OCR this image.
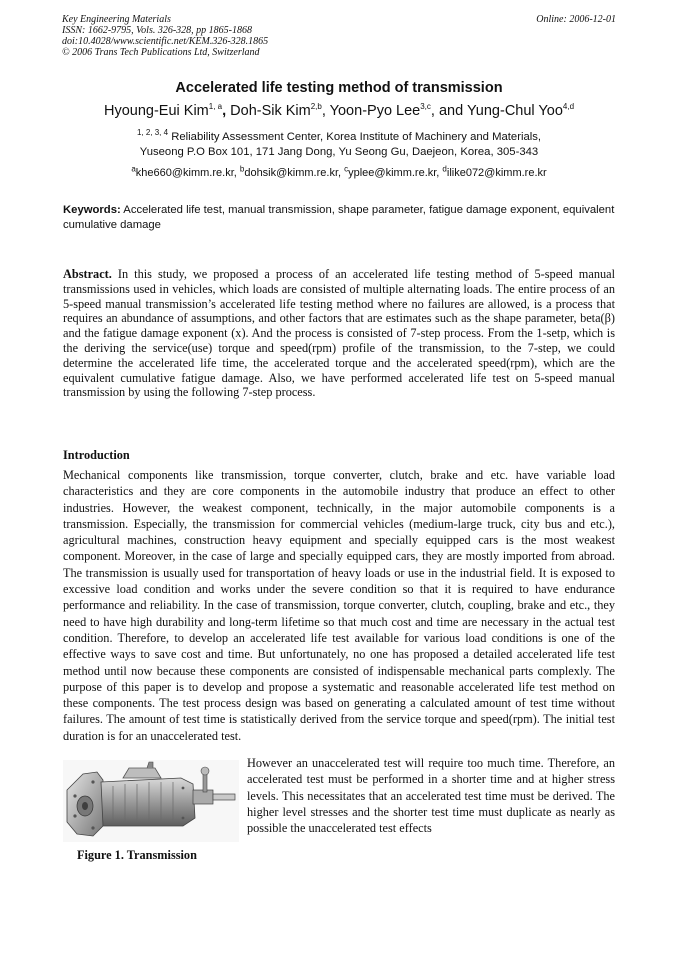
Key Engineering Materials
ISSN: 1662-9795, Vols. 326-328, pp 1865-1868
doi:10.4028/www.scientific.net/KEM.326-328.1865
© 2006 Trans Tech Publications Ltd, Switzerland
Online: 2006-12-01
Accelerated life testing method of transmission
Hyoung-Eui Kim$^{1, a}$, Doh-Sik Kim$^{2,b}$, Yoon-Pyo Lee$^{3,c}$, and Yung-Chul Yoo$^{4,d}$
$^{1, 2, 3, 4}$ Reliability Assessment Center, Korea Institute of Machinery and Materials,
Yuseong P.O Box 101, 171 Jang Dong, Yu Seong Gu, Daejeon, Korea, 305-343
$^a$khe660@kimm.re.kr, $^b$dohsik@kimm.re.kr, $^c$yplee@kimm.re.kr, $^d$ilike072@kimm.re.kr
Keywords: Accelerated life test, manual transmission, shape parameter, fatigue damage exponent, equivalent cumulative damage
Abstract. In this study, we proposed a process of an accelerated life testing method of 5-speed manual transmissions used in vehicles, which loads are consisted of multiple alternating loads. The entire process of an 5-speed manual transmission’s accelerated life testing method where no failures are allowed, is a process that requires an abundance of assumptions, and other factors that are estimates such as the shape parameter, beta(β) and the fatigue damage exponent (x). And the process is consisted of 7-step process. From the 1-setp, which is the deriving the service(use) torque and speed(rpm) profile of the transmission, to the 7-step, we could determine the accelerated life time, the accelerated torque and the accelerated speed(rpm), which are the equivalent cumulative fatigue damage. Also, we have performed accelerated life test on 5-speed manual transmission by using the following 7-step process.
Introduction
Mechanical components like transmission, torque converter, clutch, brake and etc. have variable load characteristics and they are core components in the automobile industry that produce an effect to other industries. However, the weakest component, technically, in the major automobile components is a transmission. Especially, the transmission for commercial vehicles (medium-large truck, city bus and etc.), agricultural machines, construction heavy equipment and specially equipped cars is the most weakest component. Moreover, in the case of large and specially equipped cars, they are mostly imported from abroad. The transmission is usually used for transportation of heavy loads or use in the industrial field. It is exposed to excessive load condition and works under the severe condition so that it is required to have endurance performance and reliability. In the case of transmission, torque converter, clutch, coupling, brake and etc., they need to have high durability and long-term lifetime so that much cost and time are necessary in the actual test condition. Therefore, to develop an accelerated life test available for various load conditions is one of the effective ways to save cost and time. But unfortunately, no one has proposed a detailed accelerated life test method until now because these components are consisted of indispensable mechanical parts complexly. The purpose of this paper is to develop and propose a systematic and reasonable accelerated life test method on these components. The test process design was based on generating a calculated amount of test time without failures. The amount of test time is statistically derived from the service torque and speed(rpm). The initial test duration is for an unaccelerated test.
However an unaccelerated test will require too much time. Therefore, an accelerated test must be performed in a shorter time and at higher stress levels. This necessitates that an accelerated test time must be derived. The higher level stresses and the shorter test time must duplicate as nearly as possible the unaccelerated test effects
Figure 1. Transmission
